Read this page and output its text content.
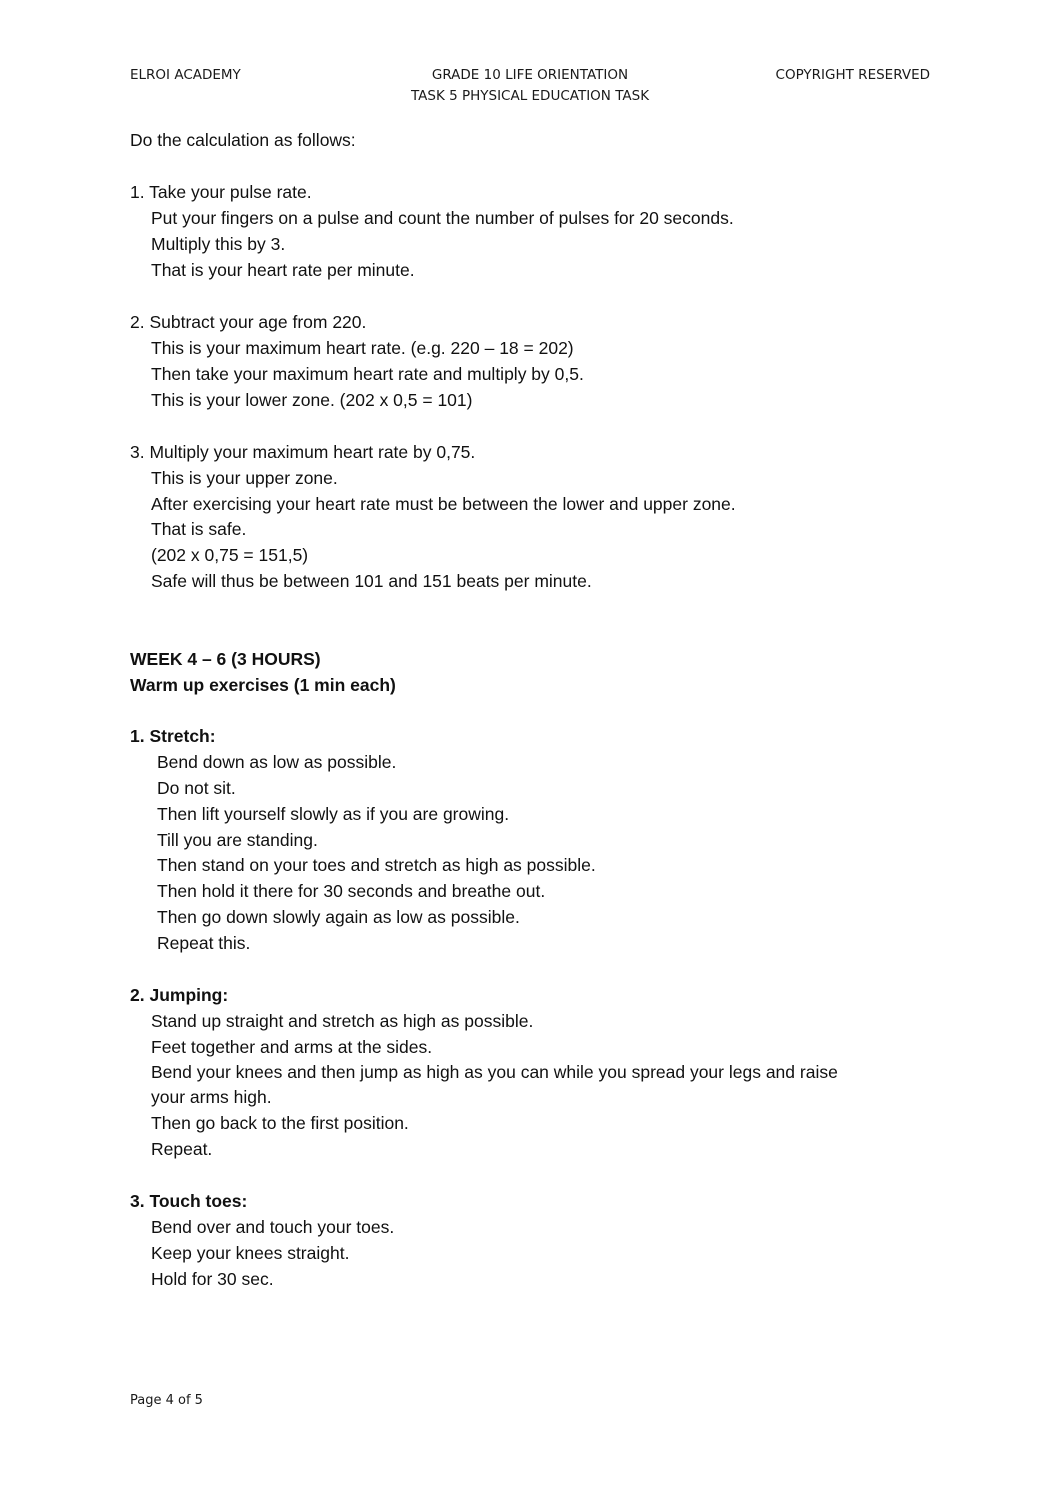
ELROI ACADEMY	GRADE 10 LIFE ORIENTATION
TASK 5 PHYSICAL EDUCATION TASK
COPYRIGHT RESERVED
Do the calculation as follows:
1. Take your pulse rate.
Put your fingers on a pulse and count the number of pulses for 20 seconds.
Multiply this by 3.
That is your heart rate per minute.
2. Subtract your age from 220.
This is your maximum heart rate. (e.g. 220 – 18 = 202)
Then take your maximum heart rate and multiply by 0,5.
This is your lower zone. (202 x 0,5 = 101)
3. Multiply your maximum heart rate by 0,75.
This is your upper zone.
After exercising your heart rate must be between the lower and upper zone.
That is safe.
(202 x 0,75 = 151,5)
Safe will thus be between 101 and 151 beats per minute.
WEEK 4 – 6 (3 HOURS)
Warm up exercises (1 min each)
1. Stretch:
Bend down as low as possible.
Do not sit.
Then lift yourself slowly as if you are growing.
Till you are standing.
Then stand on your toes and stretch as high as possible.
Then hold it there for 30 seconds and breathe out.
Then go down slowly again as low as possible.
Repeat this.
2. Jumping:
Stand up straight and stretch as high as possible.
Feet together and arms at the sides.
Bend your knees and then jump as high as you can while you spread your legs and raise
your arms high.
Then go back to the first position.
Repeat.
3. Touch toes:
Bend over and touch your toes.
Keep your knees straight.
Hold for 30 sec.
Page 4 of 5
